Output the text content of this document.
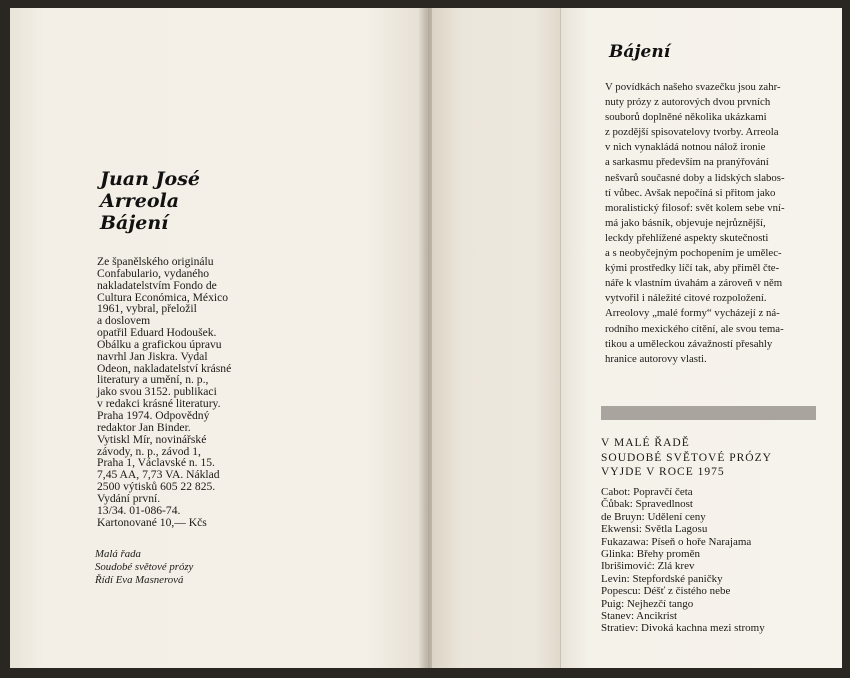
Juan José
Arreola
Bájení
Ze španělského originálu
Confabulario, vydaného
nakladatelstvím Fondo de
Cultura Económica, México
1961, vybral, přeložil
a doslovem
opatřil Eduard Hodoušek.
Obálku a grafickou úpravu
navrhl Jan Jiskra. Vydal
Odeon, nakladatelství krásné
literatury a umění, n. p.,
jako svou 3152. publikaci
v redakci krásné literatury.
Praha 1974. Odpovědný
redaktor Jan Binder.
Vytiskl Mír, novinářské
závody, n. p., závod 1,
Praha 1, Václavské n. 15.
7,45 AA, 7,73 VA. Náklad
2500 výtisků 605 22 825.
Vydání první.
13/34. 01-086-74.
Kartonované 10,— Kčs
Malá řada
Soudobé světové prózy
Řídí Eva Masnerová
Bájení
V povídkách našeho svazečku jsou zahr-
nuty prózy z autorových dvou prvních
souborů doplněné několika ukázkami
z pozdější spisovatelovy tvorby. Arreola
v nich vynakládá notnou nálož ironie
a sarkasmu především na pranýřování
nešvarů současné doby a lidských slabos-
tí vůbec. Avšak nepočíná si přitom jako
moralistický filosof: svět kolem sebe vní-
má jako básník, objevuje nejrůznější,
leckdy přehlížené aspekty skutečnosti
a s neobyčejným pochopením je umělec-
kými prostředky líčí tak, aby přiměl čte-
náře k vlastním úvahám a zároveň v něm
vytvořil i náležité citové rozpoložení.
Arreolovy „malé formy“ vycházejí z ná-
rodního mexického cítění, ale svou tema-
tikou a uměleckou závažností přesahly
hranice autorovy vlasti.
V MALÉ ŘADĚ
SOUDOBÉ SVĚTOVÉ PRÓZY
VYJDE V ROCE 1975
Cabot: Popravčí četa
Čůbak: Spravedlnost
de Bruyn: Udělení ceny
Ekwensi: Světla Lagosu
Fukazawa: Píseň o hoře Narajama
Glinka: Břehy proměn
Ibrišimović: Zlá krev
Levin: Stepfordské paničky
Popescu: Déšť z čistého nebe
Puig: Nejhezčí tango
Stanev: Ancikrist
Stratiev: Divoká kachna mezi stromy
